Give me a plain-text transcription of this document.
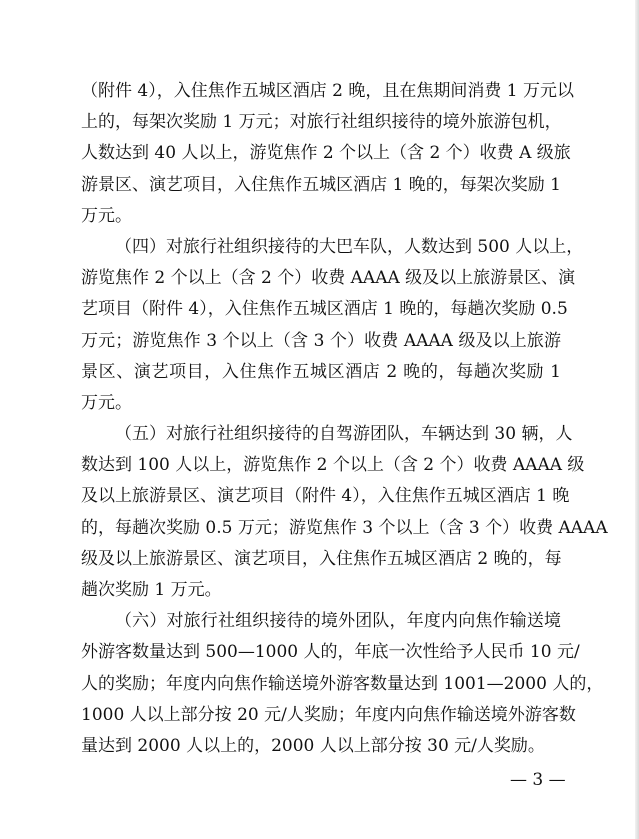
（附件 4），入住焦作五城区酒店 2 晚，且在焦期间消费 1 万元以
上的，每架次奖励 1 万元；对旅行社组织接待的境外旅游包机，
人数达到 40 人以上，游览焦作 2 个以上（含 2 个）收费 A 级旅
游景区、演艺项目，入住焦作五城区酒店 1 晚的，每架次奖励 1
万元。
（四）对旅行社组织接待的大巴车队，人数达到 500 人以上，
游览焦作 2 个以上（含 2 个）收费 AAAA 级及以上旅游景区、演
艺项目（附件 4），入住焦作五城区酒店 1 晚的，每趟次奖励 0.5
万元；游览焦作 3 个以上（含 3 个）收费 AAAA 级及以上旅游
景区、演艺项目，入住焦作五城区酒店 2 晚的，每趟次奖励 1
万元。
（五）对旅行社组织接待的自驾游团队，车辆达到 30 辆，人
数达到 100 人以上，游览焦作 2 个以上（含 2 个）收费 AAAA 级
及以上旅游景区、演艺项目（附件 4），入住焦作五城区酒店 1 晚
的，每趟次奖励 0.5 万元；游览焦作 3 个以上（含 3 个）收费 AAAA
级及以上旅游景区、演艺项目，入住焦作五城区酒店 2 晚的，每
趟次奖励 1 万元。
（六）对旅行社组织接待的境外团队，年度内向焦作输送境
外游客数量达到 500—1000 人的，年底一次性给予人民币 10 元/
人的奖励；年度内向焦作输送境外游客数量达到 1001—2000 人的，
1000 人以上部分按 20 元/人奖励；年度内向焦作输送境外游客数
量达到 2000 人以上的，2000 人以上部分按 30 元/人奖励。
— 3 —
